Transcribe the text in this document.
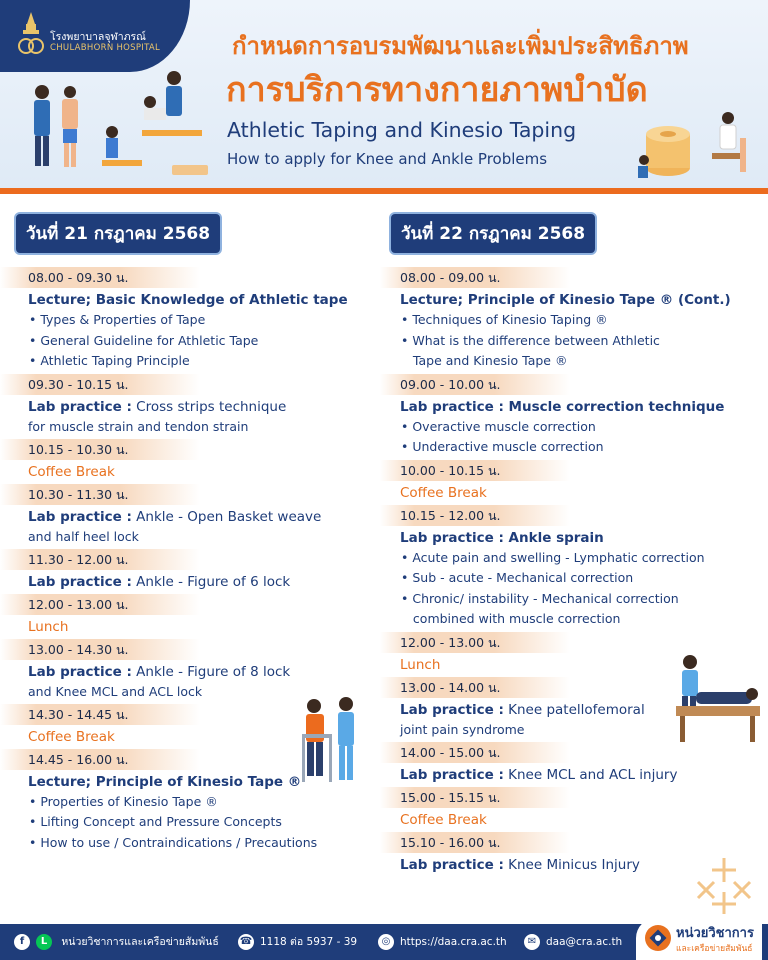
โรงพยาบาลจุฬาภรณ์
CHULABHORN HOSPITAL	กำหนดการอบรมพัฒนาและเพิ่มประสิทธิภาพ
การบริการทางกายภาพบำบัด
Athletic Taping and Kinesio Taping
How to apply for Knee and Ankle Problems
วันที่ 21 กรฎาคม 2568
08.00 - 09.30 น.
Lecture; Basic Knowledge of Athletic tape
• Types & Properties of Tape
• General Guideline for Athletic Tape
• Athletic Taping Principle
09.30 - 10.15 น.
Lab practice : Cross strips technique
for muscle strain and tendon strain
10.15 - 10.30 น.
Coffee Break
10.30 - 11.30 น.
Lab practice : Ankle - Open Basket weave
and half heel lock
11.30 - 12.00 น.
Lab practice : Ankle - Figure of 6 lock
12.00 - 13.00 น.
Lunch
13.00 - 14.30 น.
Lab practice : Ankle - Figure of 8 lock
and Knee MCL and ACL lock
14.30 - 14.45 น.
Coffee Break
14.45 - 16.00 น.
Lecture; Principle of Kinesio Tape ®
• Properties of Kinesio Tape ®
• Lifting Concept and Pressure Concepts
• How to use / Contraindications / Precautions
วันที่ 22 กรฎาคม 2568
08.00 - 09.00 น.
Lecture; Principle of Kinesio Tape ® (Cont.)
• Techniques of Kinesio Taping ®
• What is the difference between Athletic
Tape and Kinesio Tape ®
09.00 - 10.00 น.
Lab practice : Muscle correction technique
• Overactive muscle correction
• Underactive muscle correction
10.00 - 10.15 น.
Coffee Break
10.15 - 12.00 น.
Lab practice : Ankle sprain
• Acute pain and swelling - Lymphatic correction
• Sub - acute - Mechanical correction
• Chronic/ instability - Mechanical correction
combined with muscle correction
12.00 - 13.00 น.
Lunch
13.00 - 14.00 น.
Lab practice : Knee patellofemoral
joint pain syndrome
14.00 - 15.00 น.
Lab practice : Knee MCL and ACL injury
15.00 - 15.15 น.
Coffee Break
15.10 - 16.00 น.
Lab practice : Knee Minicus Injury
f L หน่วยวิชาการและเครือข่ายสัมพันธ์ ☎ 1118 ต่อ 5937 - 39	◎ https://daa.cra.ac.th	✉ daa@cra.ac.th
หน่วยวิชาการ
และเครือข่ายสัมพันธ์
